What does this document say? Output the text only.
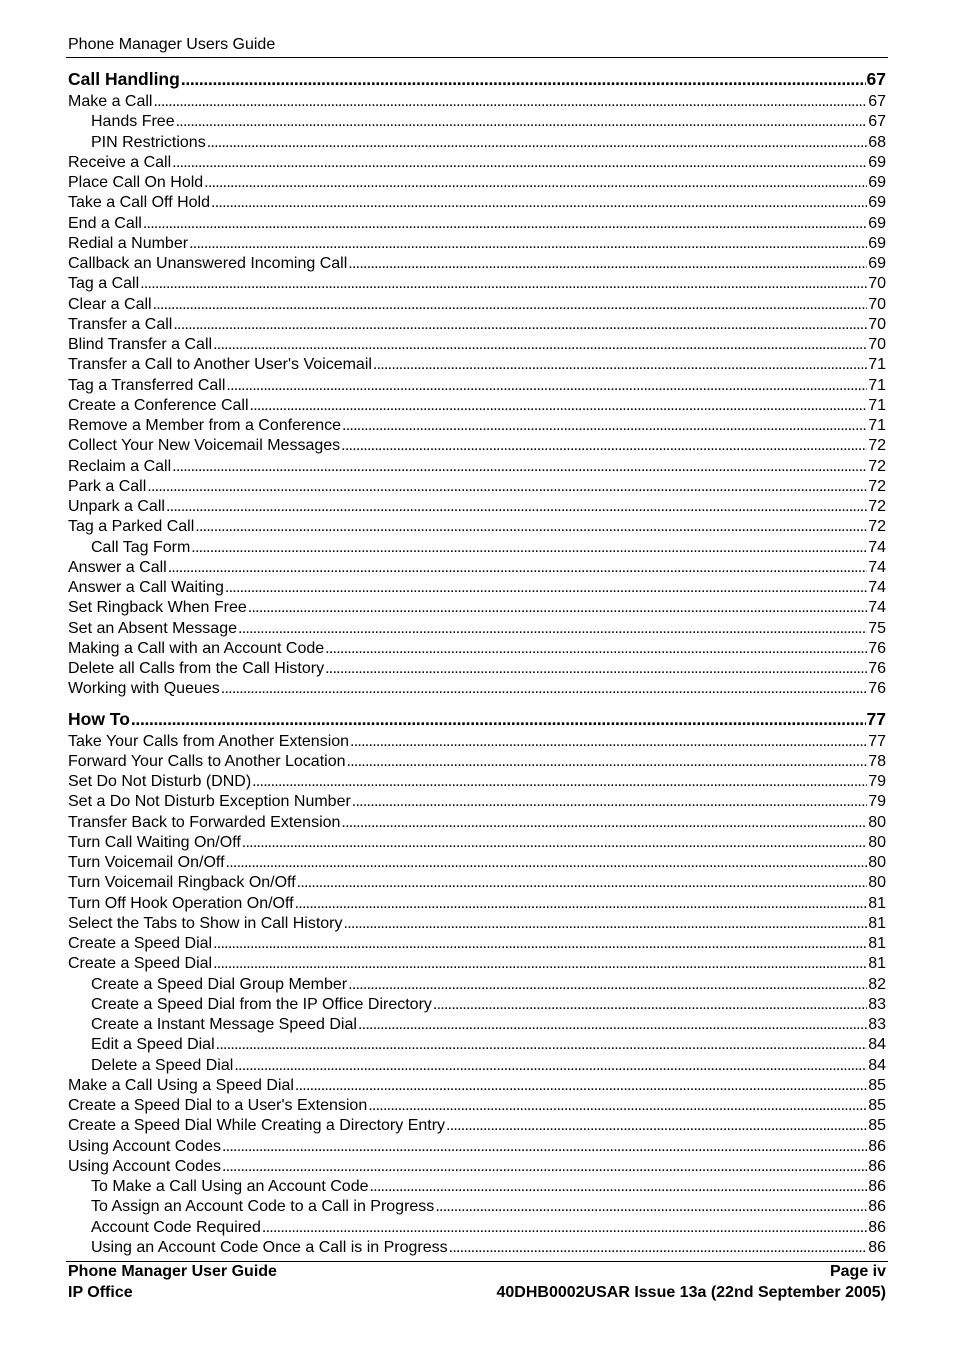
Phone Manager Users Guide
Call Handling . . .	67
Make a Call . . .	67
Hands Free . . .	67
PIN Restrictions . . .	68
Receive a Call . . .	69
Place Call On Hold . . .	69
Take a Call Off Hold . . .	69
End a Call . . .	69
Redial a Number . . .	69
Callback an Unanswered Incoming Call . . .	69
Tag a Call . . .	70
Clear a Call . . .	70
Transfer a Call . . .	70
Blind Transfer a Call . . .	70
Transfer a Call to Another User's Voicemail . . .	71
Tag a Transferred Call . . .	71
Create a Conference Call . . .	71
Remove a Member from a Conference . . .	71
Collect Your New Voicemail Messages . . .	72
Reclaim a Call . . .	72
Park a Call . . .	72
Unpark a Call . . .	72
Tag a Parked Call . . .	72
Call Tag Form . . .	74
Answer a Call . . .	74
Answer a Call Waiting . . .	74
Set Ringback When Free . . .	74
Set an Absent Message . . .	75
Making a Call with an Account Code . . .	76
Delete all Calls from the Call History . . .	76
Working with Queues . . .	76
How To . . .	77
Take Your Calls from Another Extension . . .	77
Forward Your Calls to Another Location . . .	78
Set Do Not Disturb (DND) . . .	79
Set a Do Not Disturb Exception Number . . .	79
Transfer Back to Forwarded Extension . . .	80
Turn Call Waiting On/Off . . .	80
Turn Voicemail On/Off . . .	80
Turn Voicemail Ringback On/Off . . .	80
Turn Off Hook Operation On/Off . . .	81
Select the Tabs to Show in Call History . . .	81
Create a Speed Dial . . .	81
Create a Speed Dial . . .	81
Create a Speed Dial Group Member . . .	82
Create a Speed Dial from the IP Office Directory . . .	83
Create a Instant Message Speed Dial . . .	83
Edit a Speed Dial . . .	84
Delete a Speed Dial . . .	84
Make a Call Using a Speed Dial . . .	85
Create a Speed Dial to a User's Extension . . .	85
Create a Speed Dial While Creating a Directory Entry . . .	85
Using Account Codes . . .	86
Using Account Codes . . .	86
To Make a Call Using an Account Code . . .	86
To Assign an Account Code to a Call in Progress . . .	86
Account Code Required . . .	86
Using an Account Code Once a Call is in Progress . . .	86
Phone Manager User Guide	Page iv
IP Office	40DHB0002USAR Issue 13a (22nd September 2005)
